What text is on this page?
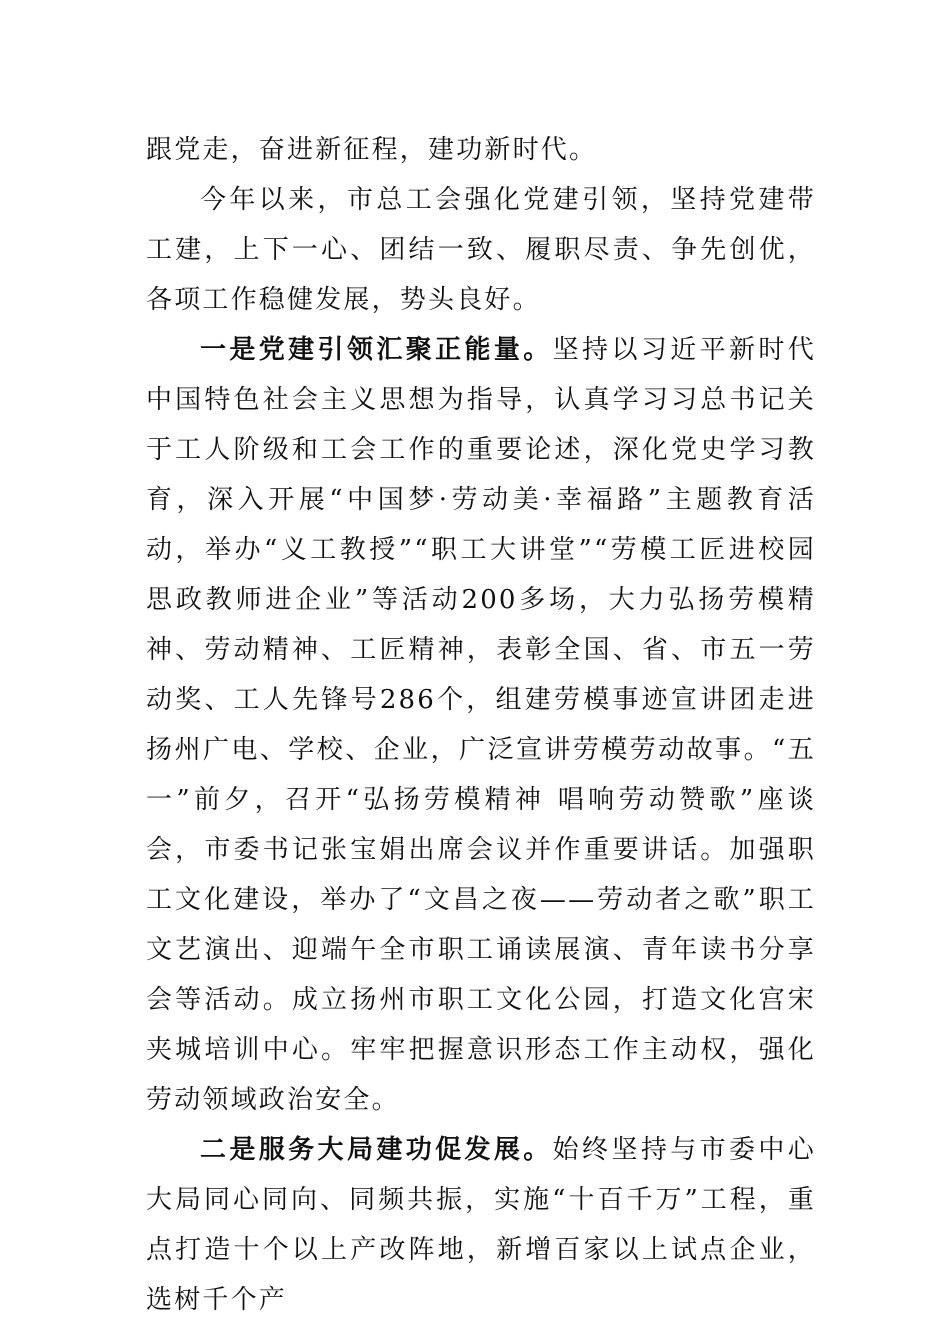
跟党走，奋进新征程，建功新时代。

今年以来，市总工会强化党建引领，坚持党建带工建，上下一心、团结一致、履职尽责、争先创优，各项工作稳健发展，势头良好。

一是党建引领汇聚正能量。坚持以习近平新时代中国特色社会主义思想为指导，认真学习习总书记关于工人阶级和工会工作的重要论述，深化党史学习教育，深入开展“中国梦·劳动美·幸福路”主题教育活动，举办“义工教授”“职工大讲堂”“劳模工匠进校园 思政教师进企业”等活动200多场，大力弘扬劳模精神、劳动精神、工匠精神，表彰全国、省、市五一劳动奖、工人先锋号286个，组建劳模事迹宣讲团走进扬州广电、学校、企业，广泛宣讲劳模劳动故事。“五一”前夕，召开“弘扬劳模精神 唱响劳动赞歌”座谈会，市委书记张宝娟出席会议并作重要讲话。加强职工文化建设，举办了“文昌之夜——劳动者之歌”职工文艺演出、迎端午全市职工诵读展演、青年读书分享会等活动。成立扬州市职工文化公园，打造文化宫宋夹城培训中心。牢牢把握意识形态工作主动权，强化劳动领域政治安全。

二是服务大局建功促发展。始终坚持与市委中心大局同心同向、同频共振，实施“十百千万”工程，重点打造十个以上产改阵地，新增百家以上试点企业，选树千个产
